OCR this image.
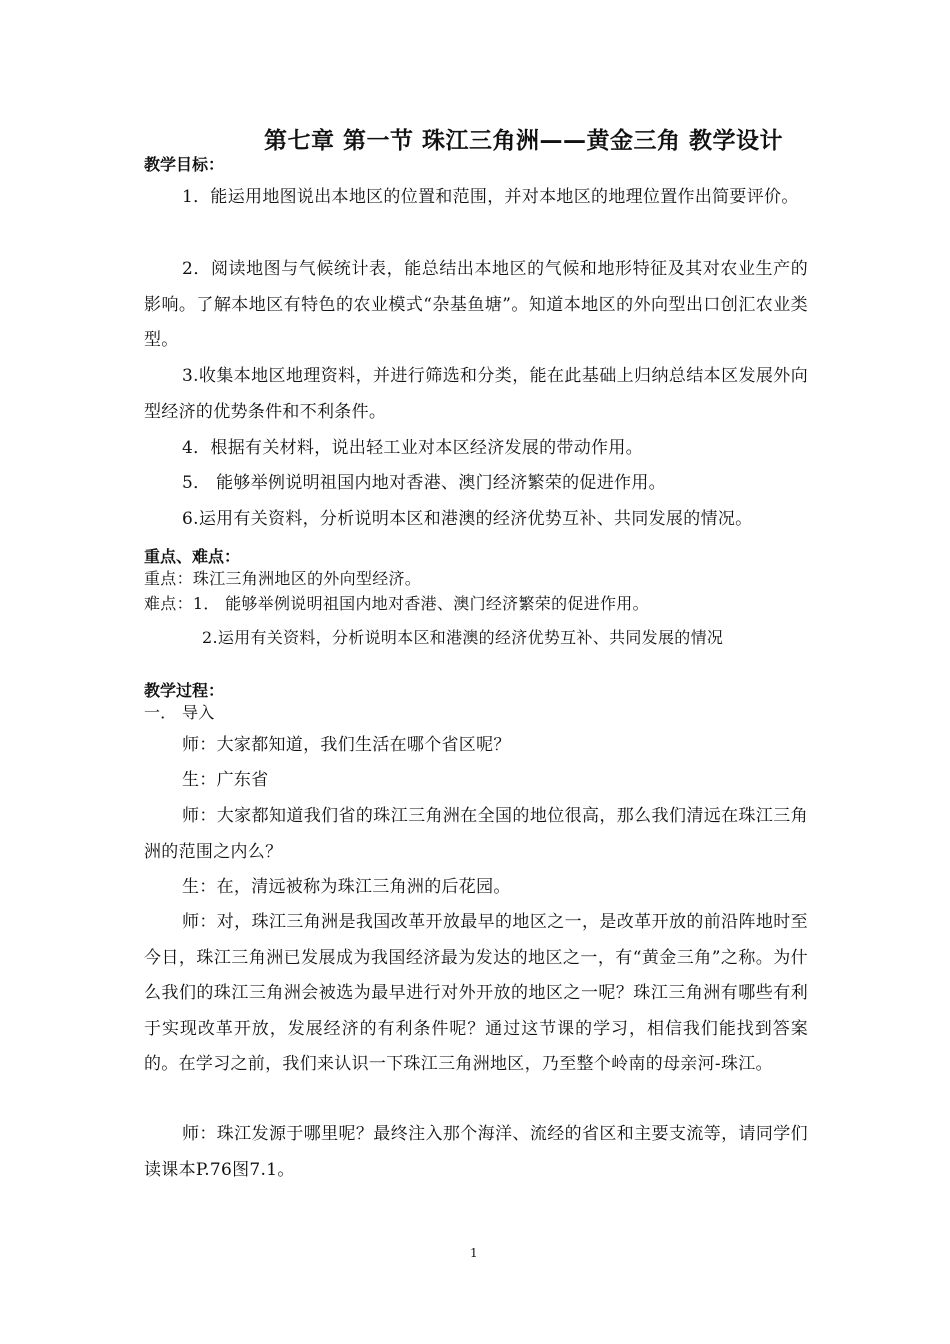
第七章 第一节 珠江三角洲——黄金三角 教学设计
教学目标：
1．能运用地图说出本地区的位置和范围，并对本地区的地理位置作出简要评价。
2．阅读地图与气候统计表，能总结出本地区的气候和地形特征及其对农业生产的影响。了解本地区有特色的农业模式“杂基鱼塘”。知道本地区的外向型出口创汇农业类型。
3.收集本地区地理资料，并进行筛选和分类，能在此基础上归纳总结本区发展外向型经济的优势条件和不利条件。
4．根据有关材料，说出轻工业对本区经济发展的带动作用。
5． 能够举例说明祖国内地对香港、澳门经济繁荣的促进作用。
6.运用有关资料，分析说明本区和港澳的经济优势互补、共同发展的情况。
重点、难点：
重点：珠江三角洲地区的外向型经济。
难点：1． 能够举例说明祖国内地对香港、澳门经济繁荣的促进作用。
2.运用有关资料，分析说明本区和港澳的经济优势互补、共同发展的情况
教学过程：
一． 导入
师：大家都知道，我们生活在哪个省区呢？
生：广东省
师：大家都知道我们省的珠江三角洲在全国的地位很高，那么我们清远在珠江三角洲的范围之内么？
生：在，清远被称为珠江三角洲的后花园。
师：对，珠江三角洲是我国改革开放最早的地区之一，是改革开放的前沿阵地时至今日，珠江三角洲已发展成为我国经济最为发达的地区之一，有“黄金三角”之称。为什么我们的珠江三角洲会被选为最早进行对外开放的地区之一呢？珠江三角洲有哪些有利于实现改革开放，发展经济的有利条件呢？通过这节课的学习，相信我们能找到答案的。在学习之前，我们来认识一下珠江三角洲地区，乃至整个岭南的母亲河-珠江。
师：珠江发源于哪里呢？最终注入那个海洋、流经的省区和主要支流等，请同学们读课本P.76图7.1。
1
